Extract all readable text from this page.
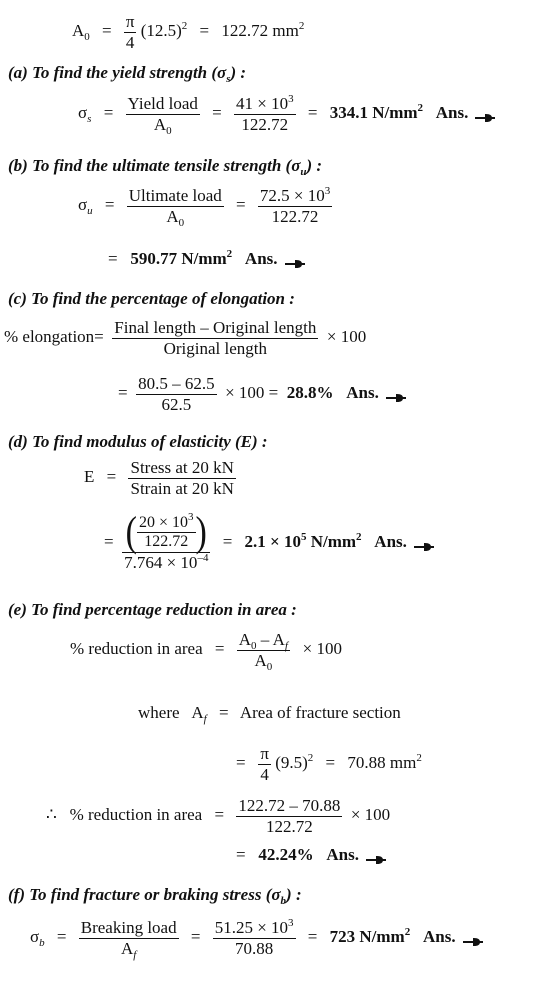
$A_0 = \frac{\pi}{4} (12.5)^2 = 122.72$ $mm^2$
(a) To find the yield strength $(\sigma_s)$ :
$\sigma_s = \frac{\text{Yield load}}{A_0} = \frac{41 \times 10^3}{122.72} = 334.1$ $N/mm^2$ Ans.
(b) To find the ultimate tensile strength $(\sigma_u)$ :
$\sigma_u = \frac{\text{Ultimate load}}{A_0} = \frac{72.5 \times 10^3}{122.72}$
= 590.77 $N/mm^2$ Ans.
(c) To find the percentage of elongation :
% elongation= $\frac{\text{Final length – Original length}}{\text{Original length}} \times 100$
= $\frac{80.5 - 62.5}{62.5} \times 100 = 28.8\%$ Ans.
(d) To find modulus of elasticity (E) :
$E = \frac{\text{Stress at 20 kN}}{\text{Strain at 20 kN}}$
= $\frac{( \frac{20 \times 10^3}{122.72} )}{7.764 \times 10^{-4}} = 2.1 \times 10^5$ $N/mm^2$ Ans.
(e) To find percentage reduction in area :
% reduction in area = $\frac{A_0 - A_f}{A_0} \times 100$
where $A_f$ = Area of fracture section
= $\frac{\pi}{4} (9.5)^2 = 70.88$ $mm^2$
∴ % reduction in area = $\frac{122.72 - 70.88}{122.72} \times 100$
= 42.24% Ans.
(f) To find fracture or braking stress $(\sigma_b)$ :
$\sigma_b = \frac{\text{Breaking load}}{A_f} = \frac{51.25 \times 10^3}{70.88} = 723$ $N/mm^2$ Ans.
